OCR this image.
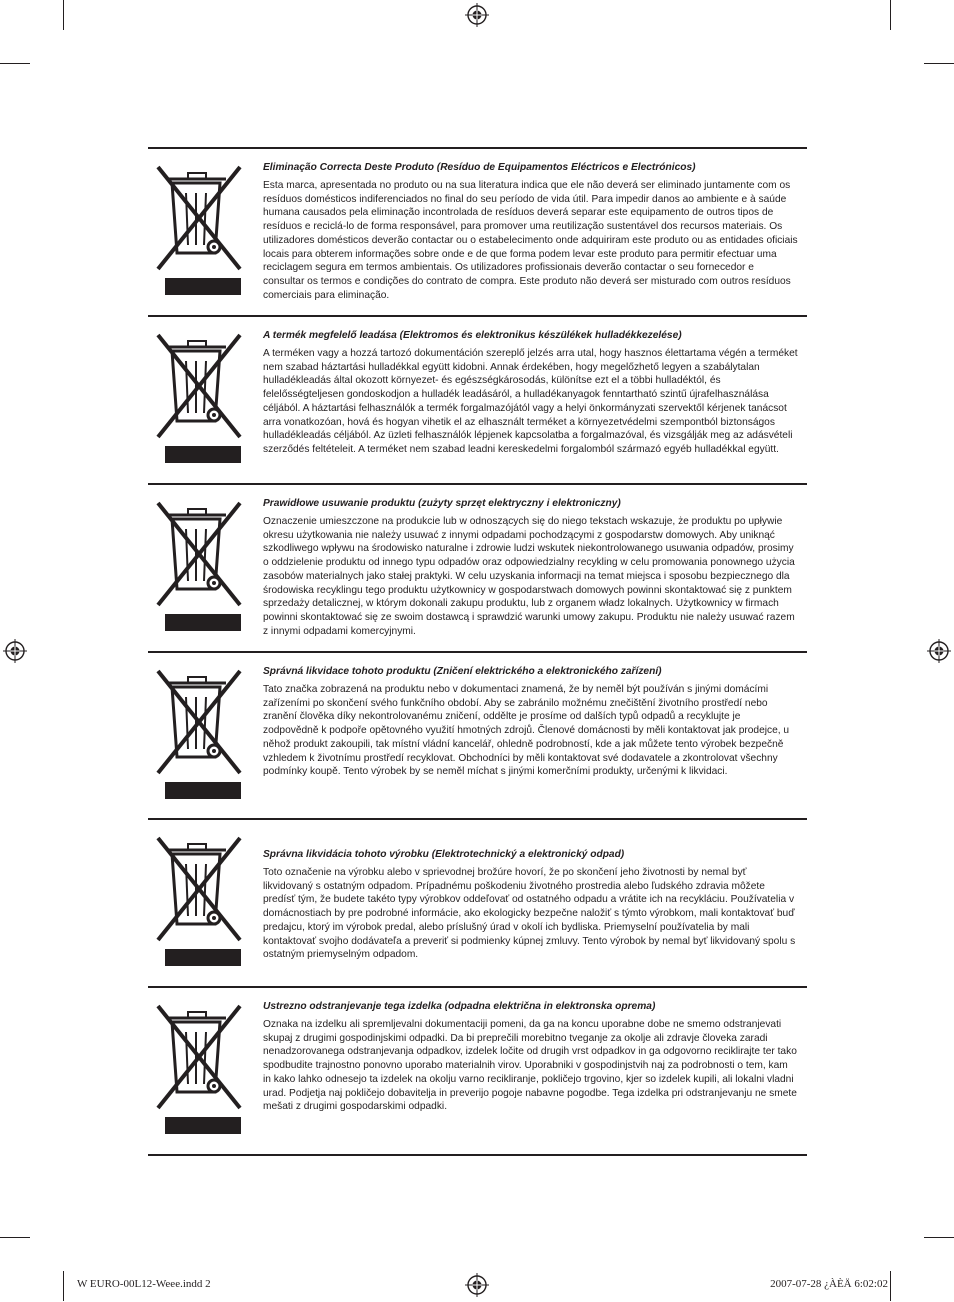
Eliminação Correcta Deste Produto (Resíduo de Equipamentos Eléctricos e Electrónicos)

Esta marca, apresentada no produto ou na sua literatura indica que ele não deverá ser eliminado juntamente com os resíduos domésticos indiferenciados no final do seu período de vida útil. Para impedir danos ao ambiente e à saúde humana causados pela eliminação incontrolada de resíduos deverá separar este equipamento de outros tipos de resíduos e reciclá-lo de forma responsável, para promover uma reutilização sustentável dos recursos materiais. Os utilizadores domésticos deverão contactar ou o estabelecimento onde adquiriram este produto ou as entidades oficiais locais para obterem informações sobre onde e de que forma podem levar este produto para permitir efectuar uma reciclagem segura em termos ambientais. Os utilizadores profissionais deverão contactar o seu fornecedor e consultar os termos e condições do contrato de compra. Este produto não deverá ser misturado com outros resíduos comerciais para eliminação.

A termék megfelelő leadása (Elektromos és elektronikus készülékek hulladékkezelése)

A terméken vagy a hozzá tartozó dokumentáción szereplő jelzés arra utal, hogy hasznos élettartama végén a terméket nem szabad háztartási hulladékkal együtt kidobni. Annak érdekében, hogy megelőzhető legyen a szabálytalan hulladékleadás által okozott környezet- és egészségkárosodás, különítse ezt el a többi hulladéktól, és felelősségteljesen gondoskodjon a hulladék leadásáról, a hulladékanyagok fenntartható szintű újrafelhasználása céljából. A háztartási felhasználók a termék forgalmazójától vagy a helyi önkormányzati szervektől kérjenek tanácsot arra vonatkozóan, hová és hogyan vihetik el az elhasznált terméket a környezetvédelmi szempontból biztonságos hulladékleadás céljából. Az üzleti felhasználók lépjenek kapcsolatba a forgalmazóval, és vizsgálják meg az adásvételi szerződés feltételeit. A terméket nem szabad leadni kereskedelmi forgalomból származó egyéb hulladékkal együtt.

Prawidłowe usuwanie produktu (zużyty sprzęt elektryczny i elektroniczny)

Oznaczenie umieszczone na produkcie lub w odnoszących się do niego tekstach wskazuje, że produktu po upływie okresu użytkowania nie należy usuwać z innymi odpadami pochodzącymi z gospodarstw domowych. Aby uniknąć szkodliwego wpływu na środowisko naturalne i zdrowie ludzi wskutek niekontrolowanego usuwania odpadów, prosimy o oddzielenie produktu od innego typu odpadów oraz odpowiedzialny recykling w celu promowania ponownego użycia zasobów materialnych jako stałej praktyki. W celu uzyskania informacji na temat miejsca i sposobu bezpiecznego dla środowiska recyklingu tego produktu użytkownicy w gospodarstwach domowych powinni skontaktować się z punktem sprzedaży detalicznej, w którym dokonali zakupu produktu, lub z organem władz lokalnych. Użytkownicy w firmach powinni skontaktować się ze swoim dostawcą i sprawdzić warunki umowy zakupu. Produktu nie należy usuwać razem z innymi odpadami komercyjnymi.

Správná likvidace tohoto produktu (Zničení elektrického a elektronického zařízení)

Tato značka zobrazená na produktu nebo v dokumentaci znamená, že by neměl být používán s jinými domácími zařízeními po skončení svého funkčního období. Aby se zabránilo možnému znečištění životního prostředí nebo zranění člověka díky nekontrolovanému zničení, oddělte je prosíme od dalších typů odpadů a recyklujte je zodpovědně k podpoře opětovného využití hmotných zdrojů. Členové domácnosti by měli kontaktovat jak prodejce, u něhož produkt zakoupili, tak místní vládní kancelář, ohledně podrobností, kde a jak můžete tento výrobek bezpečně vzhledem k životnímu prostředí recyklovat. Obchodníci by měli kontaktovat své dodavatele a zkontrolovat všechny podmínky koupě. Tento výrobek by se neměl míchat s jinými komerčními produkty, určenými k likvidaci.

Správna likvidácia tohoto výrobku (Elektrotechnický a elektronický odpad)

Toto označenie na výrobku alebo v sprievodnej brožúre hovorí, že po skončení jeho životnosti by nemal byť likvidovaný s ostatným odpadom. Prípadnému poškodeniu životného prostredia alebo ľudského zdravia môžete predísť tým, že budete takéto typy výrobkov oddeľovať od ostatného odpadu a vrátite ich na recykláciu. Používatelia v domácnostiach by pre podrobné informácie, ako ekologicky bezpečne naložiť s týmto výrobkom, mali kontaktovať buď predajcu, ktorý im výrobok predal, alebo príslušný úrad v okolí ich bydliska. Priemyselní používatelia by mali kontaktovať svojho dodávateľa a preveriť si podmienky kúpnej zmluvy. Tento výrobok by nemal byť likvidovaný spolu s ostatným priemyselným odpadom.

Ustrezno odstranjevanje tega izdelka (odpadna električna in elektronska oprema)

Oznaka na izdelku ali spremljevalni dokumentaciji pomeni, da ga na koncu uporabne dobe ne smemo odstranjevati skupaj z drugimi gospodinjskimi odpadki. Da bi preprečili morebitno tveganje za okolje ali zdravje človeka zaradi nenadzorovanega odstranjevanja odpadkov, izdelek ločite od drugih vrst odpadkov in ga odgovorno reciklirajte ter tako spodbudite trajnostno ponovno uporabo materialnih virov. Uporabniki v gospodinjstvih naj za podrobnosti o tem, kam in kako lahko odnesejo ta izdelek na okolju varno recikliranje, pokličejo trgovino, kjer so izdelek kupili, ali lokalni vladni urad. Podjetja naj pokličejo dobavitelja in preverijo pogoje nabavne pogodbe. Tega izdelka pri odstranjevanju ne smete mešati z drugimi gospodarskimi odpadki.

W EURO-00L12-Weee.indd 2	2007-07-28 ¿ÀÈÄ 6:02:02
